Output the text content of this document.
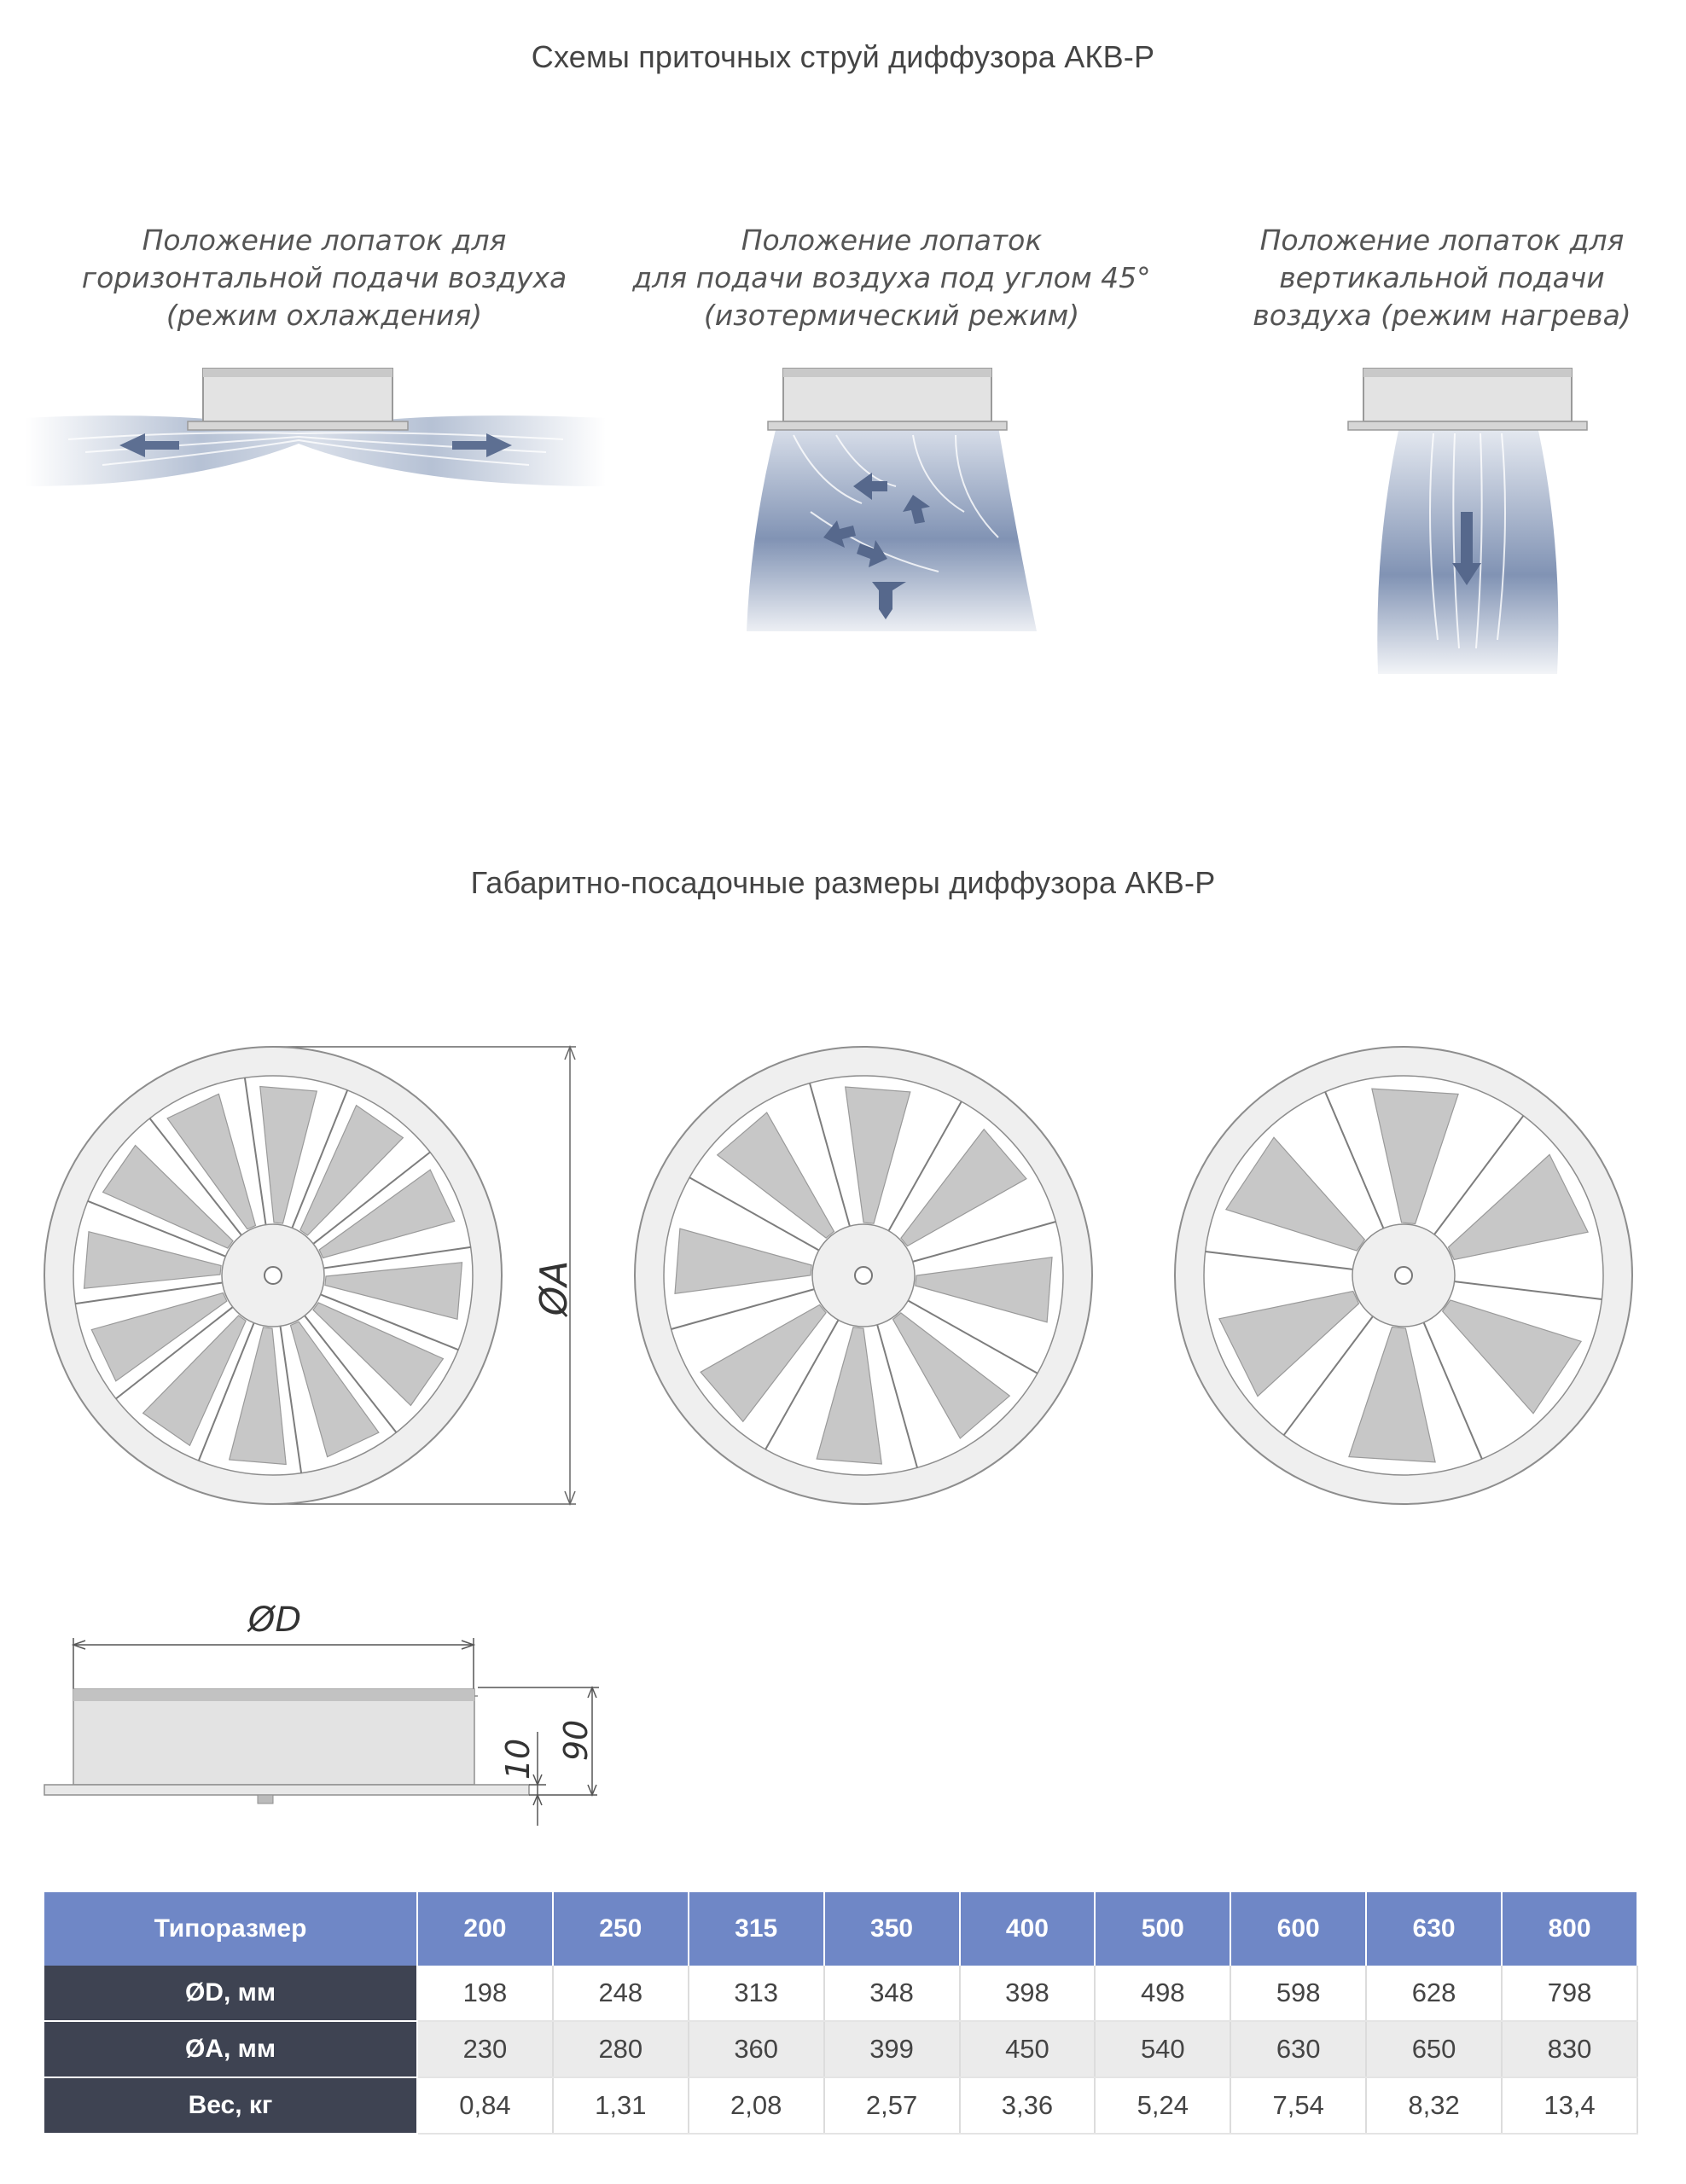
Схемы приточных струй диффузора АКВ-Р
Положение лопаток для
горизонтальной подачи воздуха
(режим охлаждения)
Положение лопаток
для подачи воздуха под углом 45°
(изотермический режим)
Положение лопаток для
вертикальной подачи
воздуха (режим нагрева)
Габаритно-посадочные размеры диффузора АКВ-Р
ØA
ØD
10 90
Типоразмер	200	250	315	350	400	500	600	630	800
ØD, мм	198	248	313	348	398	498	598	628	798
ØA, мм	230	280	360	399	450	540	630	650	830
Вес, кг	0,84	1,31	2,08	2,57	3,36	5,24	7,54	8,32	13,4
